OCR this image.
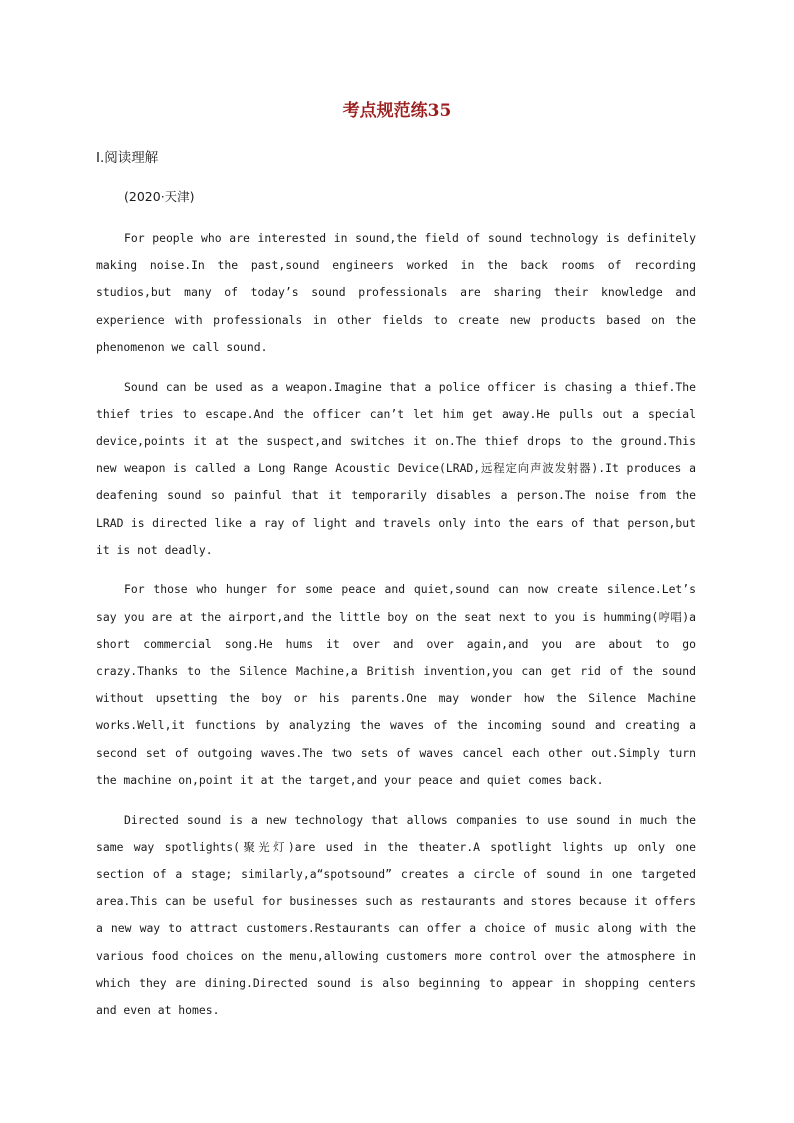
考点规范练35
Ⅰ.阅读理解
(2020·天津)

For people who are interested in sound,the field of sound technology is definitely making noise.In the past,sound engineers worked in the back rooms of recording studios,but many of today’s sound professionals are sharing their knowledge and experience with professionals in other fields to create new products based on the phenomenon we call sound.

Sound can be used as a weapon.Imagine that a police officer is chasing a thief.The thief tries to escape.And the officer can’t let him get away.He pulls out a special device,points it at the suspect,and switches it on.The thief drops to the ground.This new weapon is called a Long Range Acoustic Device(LRAD,远程定向声波发射器).It produces a deafening sound so painful that it temporarily disables a person.The noise from the LRAD is directed like a ray of light and travels only into the ears of that person,but it is not deadly.

For those who hunger for some peace and quiet,sound can now create silence.Let’s say you are at the airport,and the little boy on the seat next to you is humming(哼唱)a short commercial song.He hums it over and over again,and you are about to go crazy.Thanks to the Silence Machine,a British invention,you can get rid of the sound without upsetting the boy or his parents.One may wonder how the Silence Machine works.Well,it functions by analyzing the waves of the incoming sound and creating a second set of outgoing waves.The two sets of waves cancel each other out.Simply turn the machine on,point it at the target,and your peace and quiet comes back.

Directed sound is a new technology that allows companies to use sound in much the same way spotlights(聚光灯)are used in the theater.A spotlight lights up only one section of a stage; similarly,a“spotsound” creates a circle of sound in one targeted area.This can be useful for businesses such as restaurants and stores because it offers a new way to attract customers.Restaurants can offer a choice of music along with the various food choices on the menu,allowing customers more control over the atmosphere in which they are dining.Directed sound is also beginning to appear in shopping centers and even at homes.
